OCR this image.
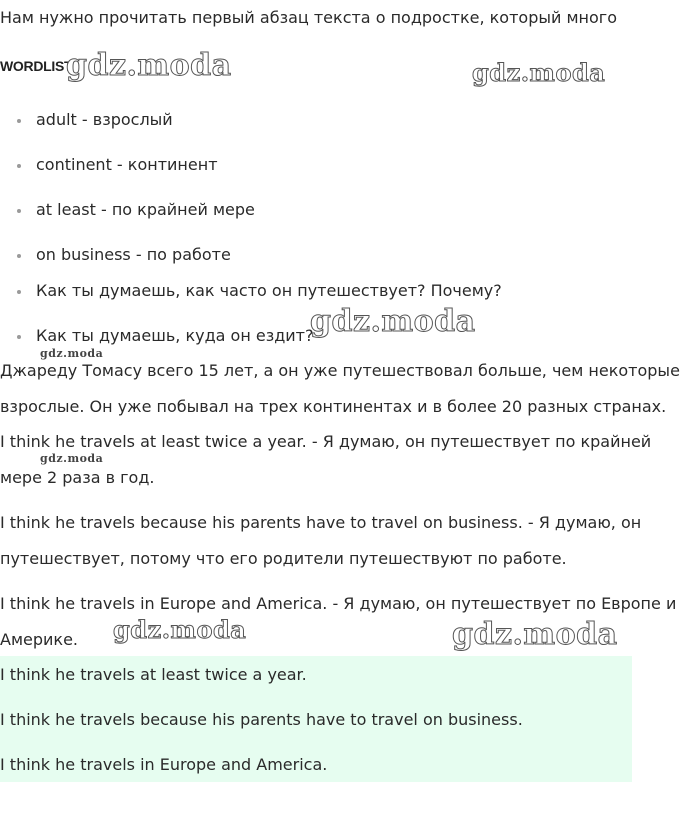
Нам нужно прочитать первый абзац текста о подростке, который много
WORDLIST
adult - взрослый
continent - континент
at least - по крайней мере
on business - по работе
Как ты думаешь, как часто он путешествует? Почему?
Как ты думаешь, куда он ездит?
Джареду Томасу всего 15 лет, а он уже путешествовал больше, чем некоторые взрослые. Он уже побывал на трех континентах и в более 20 разных странах.
I think he travels at least twice a year. - Я думаю, он путешествует по крайней мере 2 раза в год.
I think he travels because his parents have to travel on business. - Я думаю, он путешествует, потому что его родители путешествуют по работе.
I think he travels in Europe and America. - Я думаю, он путешествует по Европе и Америке.
I think he travels at least twice a year.
I think he travels because his parents have to travel on business.
I think he travels in Europe and America.
gdz.moda	gdz.moda
gdz.moda
gdz.moda
gdz.moda
gdz.moda	gdz.moda
